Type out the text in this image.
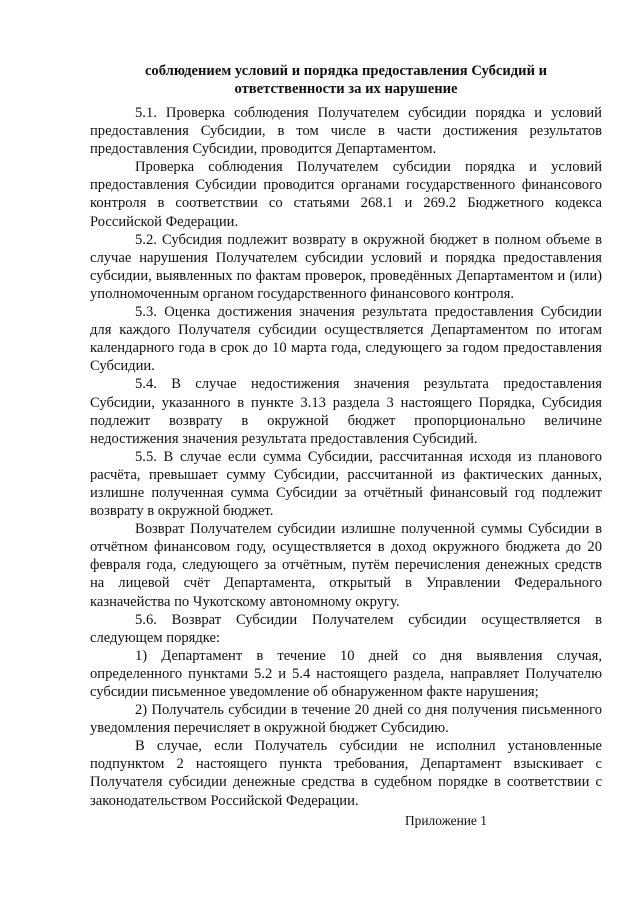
соблюдением условий и порядка предоставления Субсидий и
ответственности за их нарушение

5.1. Проверка соблюдения Получателем субсидии порядка и условий предоставления Субсидии, в том числе в части достижения результатов предоставления Субсидии, проводится Департаментом.

Проверка соблюдения Получателем субсидии порядка и условий предоставления Субсидии проводится органами государственного финансового контроля в соответствии со статьями 268.1 и 269.2 Бюджетного кодекса Российской Федерации.

5.2. Субсидия подлежит возврату в окружной бюджет в полном объеме в случае нарушения Получателем субсидии условий и порядка предоставления субсидии, выявленных по фактам проверок, проведённых Департаментом и (или) уполномоченным органом государственного финансового контроля.

5.3. Оценка достижения значения результата предоставления Субсидии для каждого Получателя субсидии осуществляется Департаментом по итогам календарного года в срок до 10 марта года, следующего за годом предоставления Субсидии.

5.4. В случае недостижения значения результата предоставления Субсидии, указанного в пункте 3.13 раздела 3 настоящего Порядка, Субсидия подлежит возврату в окружной бюджет пропорционально величине недостижения значения результата предоставления Субсидий.

5.5. В случае если сумма Субсидии, рассчитанная исходя из планового расчёта, превышает сумму Субсидии, рассчитанной из фактических данных, излишне полученная сумма Субсидии за отчётный финансовый год подлежит возврату в окружной бюджет.

Возврат Получателем субсидии излишне полученной суммы Субсидии в отчётном финансовом году, осуществляется в доход окружного бюджета до 20 февраля года, следующего за отчётным, путём перечисления денежных средств на лицевой счёт Департамента, открытый в Управлении Федерального казначейства по Чукотскому автономному округу.

5.6. Возврат Субсидии Получателем субсидии осуществляется в следующем порядке:

1) Департамент в течение 10 дней со дня выявления случая, определенного пунктами 5.2 и 5.4 настоящего раздела, направляет Получателю субсидии письменное уведомление об обнаруженном факте нарушения;

2) Получатель субсидии в течение 20 дней со дня получения письменного уведомления перечисляет в окружной бюджет Субсидию.

В случае, если Получатель субсидии не исполнил установленные подпунктом 2 настоящего пункта требования, Департамент взыскивает с Получателя субсидии денежные средства в судебном порядке в соответствии с законодательством Российской Федерации.

Приложение 1
